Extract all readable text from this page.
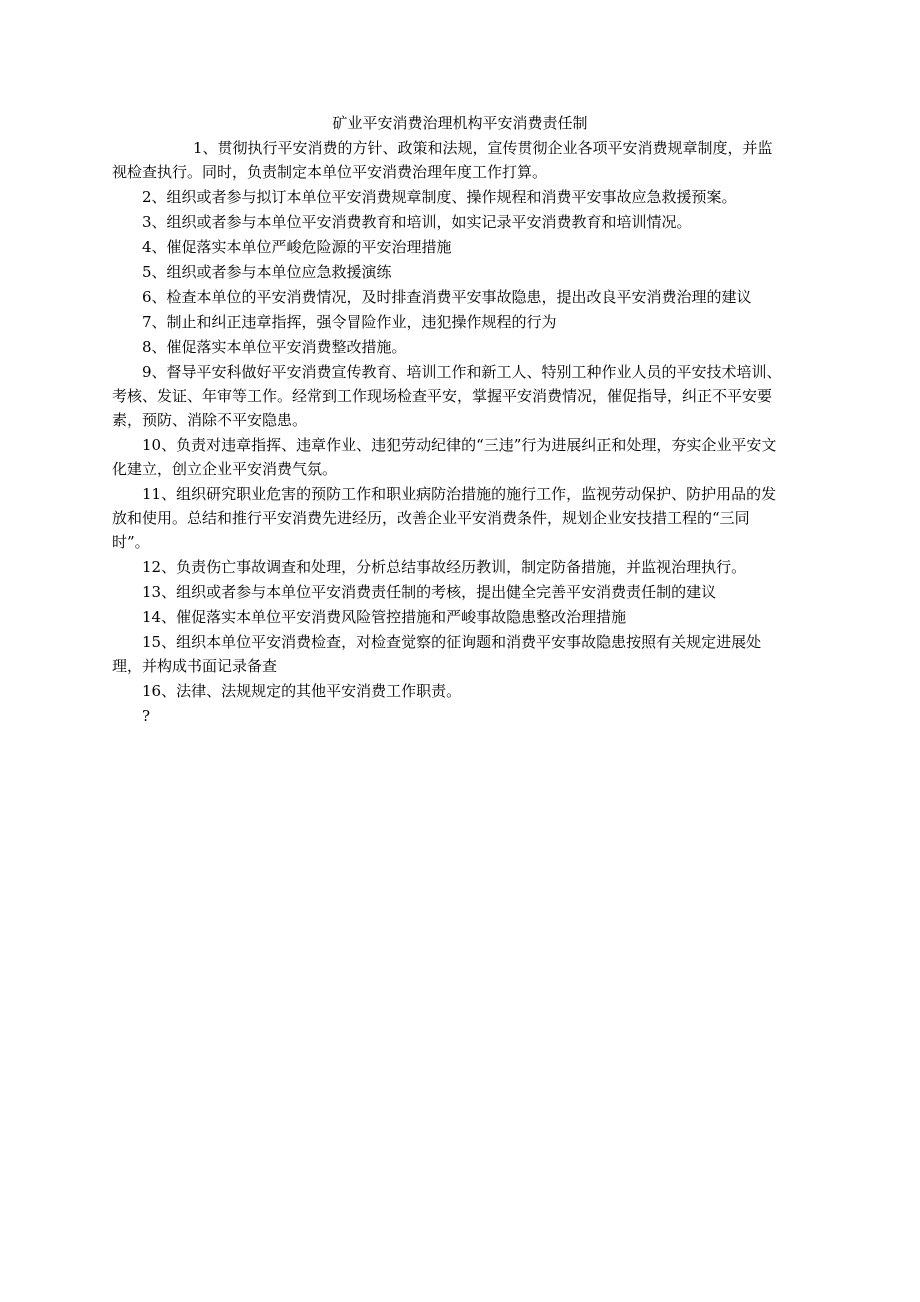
矿业平安消费治理机构平安消费责任制

1、贯彻执行平安消费的方针、政策和法规，宣传贯彻企业各项平安消费规章制度，并监视检查执行。同时，负责制定本单位平安消费治理年度工作打算。

2、组织或者参与拟订本单位平安消费规章制度、操作规程和消费平安事故应急救援预案。

3、组织或者参与本单位平安消费教育和培训，如实记录平安消费教育和培训情况。

4、催促落实本单位严峻危险源的平安治理措施

5、组织或者参与本单位应急救援演练

6、检查本单位的平安消费情况，及时排查消费平安事故隐患，提出改良平安消费治理的建议

7、制止和纠正违章指挥，强令冒险作业，违犯操作规程的行为

8、催促落实本单位平安消费整改措施。

9、督导平安科做好平安消费宣传教育、培训工作和新工人、特别工种作业人员的平安技术培训、考核、发证、年审等工作。经常到工作现场检查平安，掌握平安消费情况，催促指导，纠正不平安要素，预防、消除不平安隐患。

10、负责对违章指挥、违章作业、违犯劳动纪律的“三违”行为进展纠正和处理，夯实企业平安文化建立，创立企业平安消费气氛。

11、组织研究职业危害的预防工作和职业病防治措施的施行工作，监视劳动保护、防护用品的发放和使用。总结和推行平安消费先进经历，改善企业平安消费条件，规划企业安技措工程的“三同时”。

12、负责伤亡事故调查和处理，分析总结事故经历教训，制定防备措施，并监视治理执行。

13、组织或者参与本单位平安消费责任制的考核，提出健全完善平安消费责任制的建议

14、催促落实本单位平安消费风险管控措施和严峻事故隐患整改治理措施

15、组织本单位平安消费检查，对检查觉察的征询题和消费平安事故隐患按照有关规定进展处理，并构成书面记录备查

16、法律、法规规定的其他平安消费工作职责。

?
